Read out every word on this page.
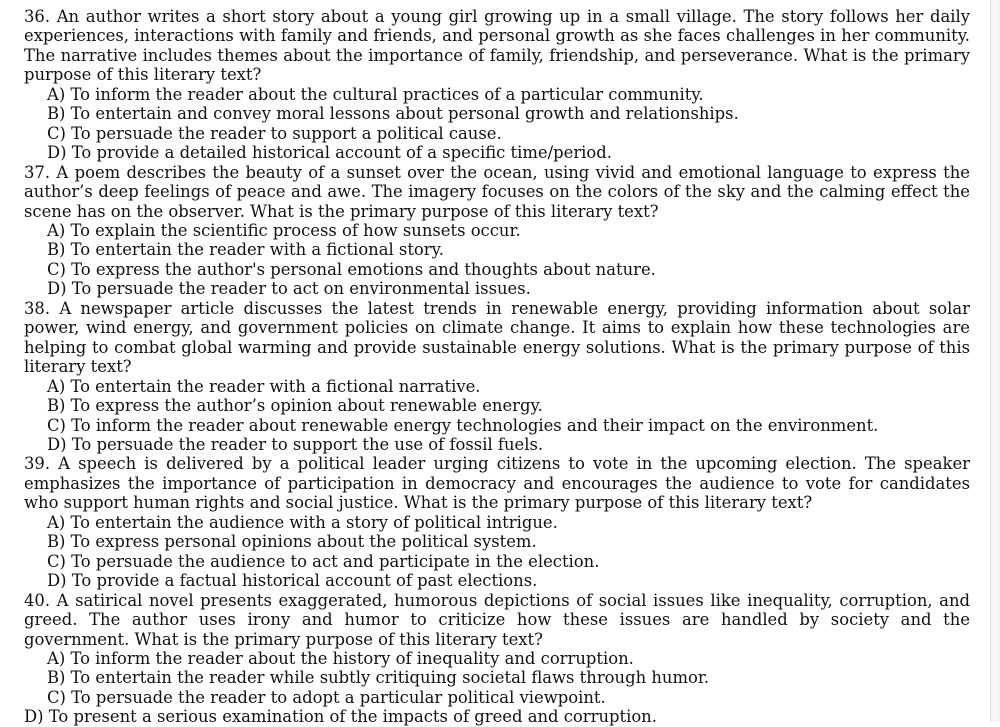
36. An author writes a short story about a young girl growing up in a small village. The story follows her daily experiences, interactions with family and friends, and personal growth as she faces challenges in her community. The narrative includes themes about the importance of family, friendship, and perseverance. What is the primary purpose of this literary text?
A) To inform the reader about the cultural practices of a particular community.
B) To entertain and convey moral lessons about personal growth and relationships.
C) To persuade the reader to support a political cause.
D) To provide a detailed historical account of a specific time/period.
37. A poem describes the beauty of a sunset over the ocean, using vivid and emotional language to express the author’s deep feelings of peace and awe. The imagery focuses on the colors of the sky and the calming effect the scene has on the observer. What is the primary purpose of this literary text?
A) To explain the scientific process of how sunsets occur.
B) To entertain the reader with a fictional story.
C) To express the author's personal emotions and thoughts about nature.
D) To persuade the reader to act on environmental issues.
38. A newspaper article discusses the latest trends in renewable energy, providing information about solar power, wind energy, and government policies on climate change. It aims to explain how these technologies are helping to combat global warming and provide sustainable energy solutions. What is the primary purpose of this literary text?
A) To entertain the reader with a fictional narrative.
B) To express the author’s opinion about renewable energy.
C) To inform the reader about renewable energy technologies and their impact on the environment.
D) To persuade the reader to support the use of fossil fuels.
39. A speech is delivered by a political leader urging citizens to vote in the upcoming election. The speaker emphasizes the importance of participation in democracy and encourages the audience to vote for candidates who support human rights and social justice. What is the primary purpose of this literary text?
A) To entertain the audience with a story of political intrigue.
B) To express personal opinions about the political system.
C) To persuade the audience to act and participate in the election.
D) To provide a factual historical account of past elections.
40. A satirical novel presents exaggerated, humorous depictions of social issues like inequality, corruption, and greed. The author uses irony and humor to criticize how these issues are handled by society and the government. What is the primary purpose of this literary text?
A) To inform the reader about the history of inequality and corruption.
B) To entertain the reader while subtly critiquing societal flaws through humor.
C) To persuade the reader to adopt a particular political viewpoint.
D) To present a serious examination of the impacts of greed and corruption.
